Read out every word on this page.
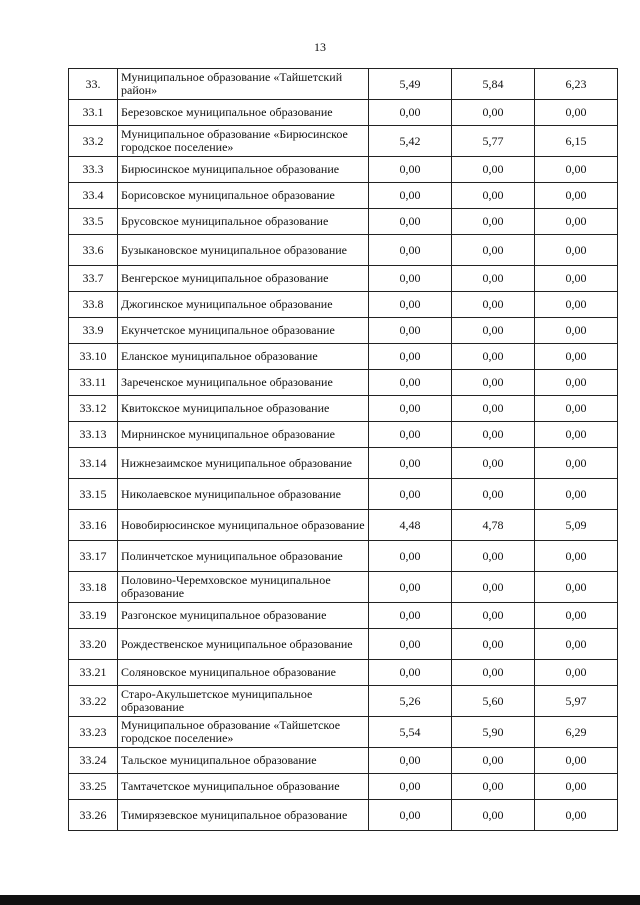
13
33.	Муниципальное образование «Тайшетский район»	5,49	5,84	6,23
33.1	Березовское муниципальное образование	0,00	0,00	0,00
33.2	Муниципальное образование «Бирюсинское городское поселение»	5,42	5,77	6,15
33.3	Бирюсинское муниципальное образование	0,00	0,00	0,00
33.4	Борисовское муниципальное образование	0,00	0,00	0,00
33.5	Брусовское муниципальное образование	0,00	0,00	0,00
33.6	Бузыкановское муниципальное образование	0,00	0,00	0,00
33.7	Венгерское муниципальное образование	0,00	0,00	0,00
33.8	Джогинское муниципальное образование	0,00	0,00	0,00
33.9	Екунчетское муниципальное образование	0,00	0,00	0,00
33.10	Еланское муниципальное образование	0,00	0,00	0,00
33.11	Зареченское муниципальное образование	0,00	0,00	0,00
33.12	Квитокское муниципальное образование	0,00	0,00	0,00
33.13	Мирнинское муниципальное образование	0,00	0,00	0,00
33.14	Нижнезаимское муниципальное образование	0,00	0,00	0,00
33.15	Николаевское муниципальное образование	0,00	0,00	0,00
33.16	Новобирюсинское муниципальное образование	4,48	4,78	5,09
33.17	Полинчетское муниципальное образование	0,00	0,00	0,00
33.18	Половино-Черемховское муниципальное образование	0,00	0,00	0,00
33.19	Разгонское муниципальное образование	0,00	0,00	0,00
33.20	Рождественское муниципальное образование	0,00	0,00	0,00
33.21	Соляновское муниципальное образование	0,00	0,00	0,00
33.22	Старо-Акульшетское муниципальное образование	5,26	5,60	5,97
33.23	Муниципальное образование «Тайшетское городское поселение»	5,54	5,90	6,29
33.24	Тальское муниципальное образование	0,00	0,00	0,00
33.25	Тамтачетское муниципальное образование	0,00	0,00	0,00
33.26	Тимирязевское муниципальное образование	0,00	0,00	0,00
